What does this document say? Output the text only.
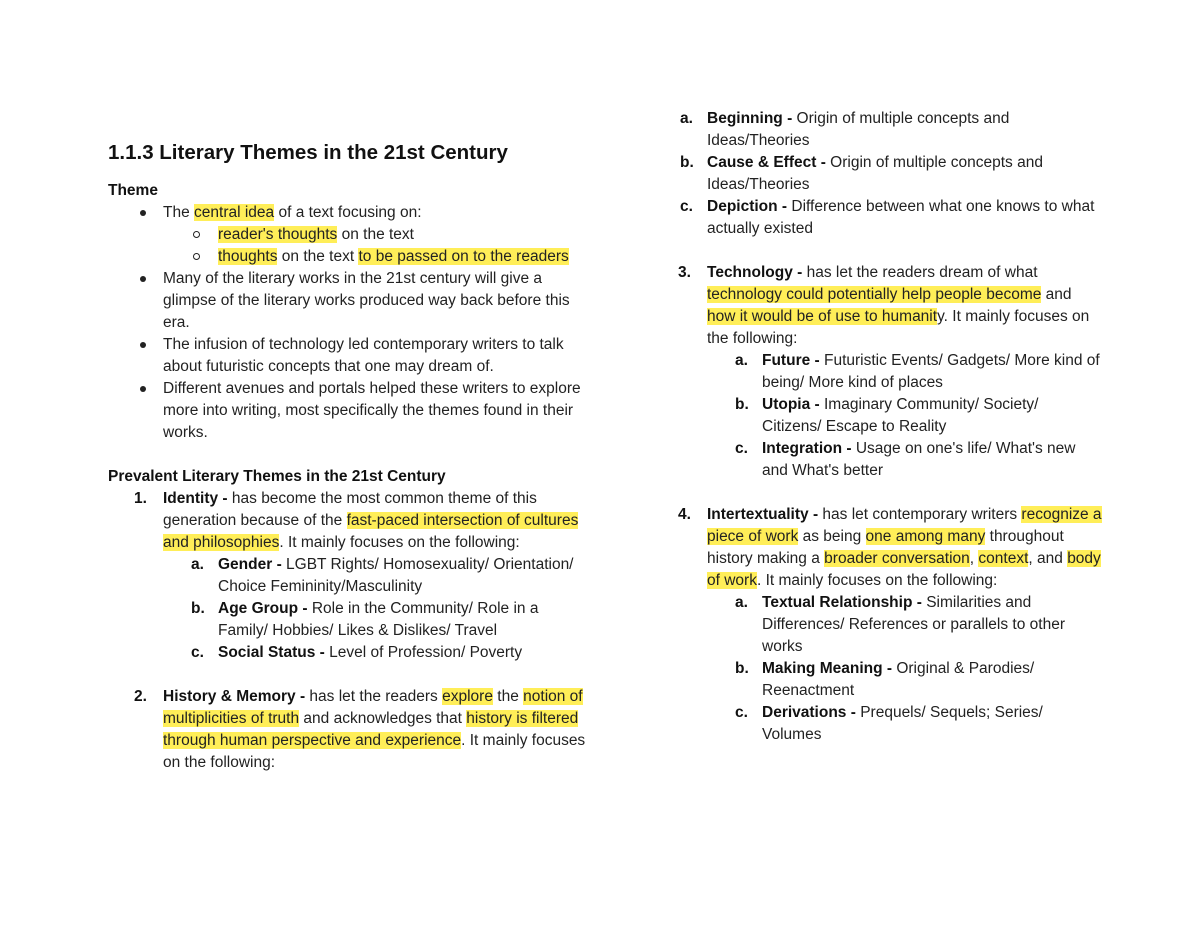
1.1.3 Literary Themes in the 21st Century
Theme
The central idea of a text focusing on:
reader's thoughts on the text
thoughts on the text to be passed on to the readers
Many of the literary works in the 21st century will give a glimpse of the literary works produced way back before this era.
The infusion of technology led contemporary writers to talk about futuristic concepts that one may dream of.
Different avenues and portals helped these writers to explore more into writing, most specifically the themes found in their works.
Prevalent Literary Themes in the 21st Century
1. Identity - has become the most common theme of this generation because of the fast-paced intersection of cultures and philosophies. It mainly focuses on the following:
a. Gender - LGBT Rights/ Homosexuality/ Orientation/ Choice Femininity/Masculinity
b. Age Group - Role in the Community/ Role in a Family/ Hobbies/ Likes & Dislikes/ Travel
c. Social Status - Level of Profession/ Poverty
2. History & Memory - has let the readers explore the notion of multiplicities of truth and acknowledges that history is filtered through human perspective and experience. It mainly focuses on the following:
a. Beginning - Origin of multiple concepts and Ideas/Theories
b. Cause & Effect - Origin of multiple concepts and Ideas/Theories
c. Depiction - Difference between what one knows to what actually existed
3. Technology - has let the readers dream of what technology could potentially help people become and how it would be of use to humanity. It mainly focuses on the following:
a. Future - Futuristic Events/ Gadgets/ More kind of being/ More kind of places
b. Utopia - Imaginary Community/ Society/ Citizens/ Escape to Reality
c. Integration - Usage on one's life/ What's new and What's better
4. Intertextuality - has let contemporary writers recognize a piece of work as being one among many throughout history making a broader conversation, context, and body of work. It mainly focuses on the following:
a. Textual Relationship - Similarities and Differences/ References or parallels to other works
b. Making Meaning - Original & Parodies/ Reenactment
c. Derivations - Prequels/ Sequels; Series/ Volumes
